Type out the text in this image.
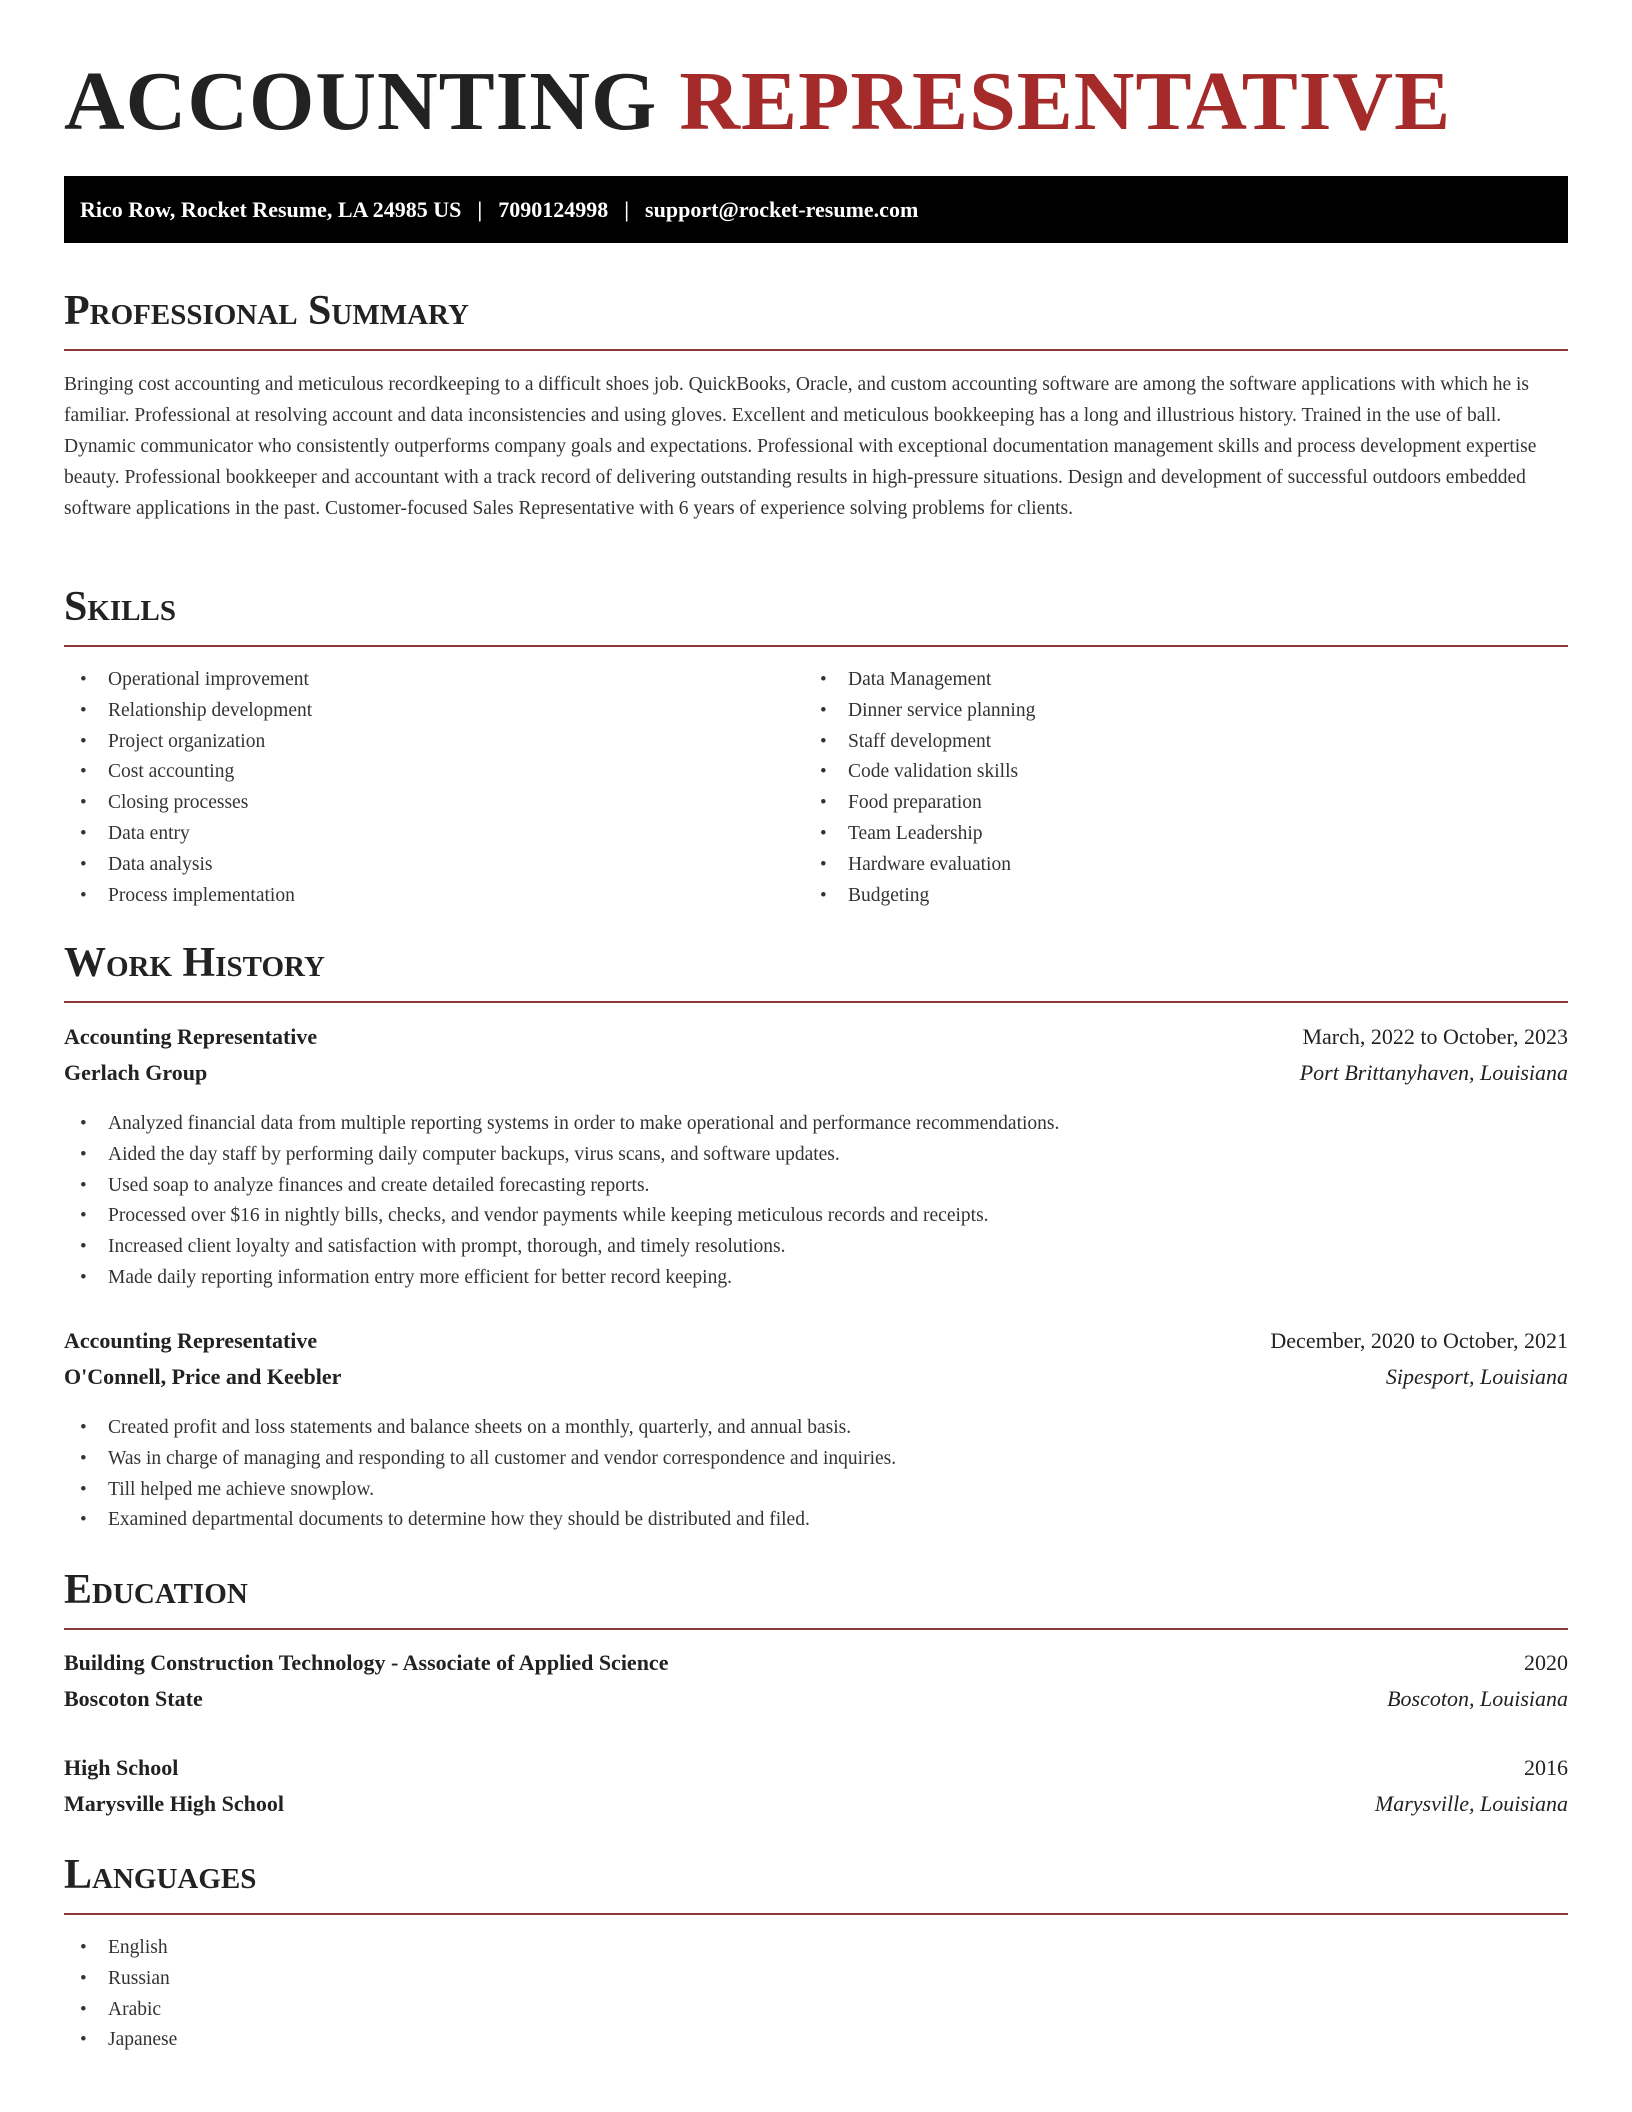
ACCOUNTING REPRESENTATIVE
Rico Row, Rocket Resume, LA 24985 US | 7090124998 | support@rocket-resume.com
Professional Summary

Bringing cost accounting and meticulous recordkeeping to a difficult shoes job. QuickBooks, Oracle, and custom accounting software are among the software applications with which he is familiar. Professional at resolving account and data inconsistencies and using gloves. Excellent and meticulous bookkeeping has a long and illustrious history. Trained in the use of ball. Dynamic communicator who consistently outperforms company goals and expectations. Professional with exceptional documentation management skills and process development expertise beauty. Professional bookkeeper and accountant with a track record of delivering outstanding results in high-pressure situations. Design and development of successful outdoors embedded software applications in the past. Customer-focused Sales Representative with 6 years of experience solving problems for clients.

Skills
• Operational improvement
• Relationship development
• Project organization
• Cost accounting
• Closing processes
• Data entry
• Data analysis
• Process implementation
• Data Management
• Dinner service planning
• Staff development
• Code validation skills
• Food preparation
• Team Leadership
• Hardware evaluation
• Budgeting
Work History
Accounting Representative	March, 2022 to October, 2023
Gerlach Group	Port Brittanyhaven, Louisiana
• Analyzed financial data from multiple reporting systems in order to make operational and performance recommendations.
• Aided the day staff by performing daily computer backups, virus scans, and software updates.
• Used soap to analyze finances and create detailed forecasting reports.
• Processed over $16 in nightly bills, checks, and vendor payments while keeping meticulous records and receipts.
• Increased client loyalty and satisfaction with prompt, thorough, and timely resolutions.
• Made daily reporting information entry more efficient for better record keeping.
Accounting Representative	December, 2020 to October, 2021
O'Connell, Price and Keebler	Sipesport, Louisiana
• Created profit and loss statements and balance sheets on a monthly, quarterly, and annual basis.
• Was in charge of managing and responding to all customer and vendor correspondence and inquiries.
• Till helped me achieve snowplow.
• Examined departmental documents to determine how they should be distributed and filed.
Education
Building Construction Technology - Associate of Applied Science	2020
Boscoton State	Boscoton, Louisiana
High School	2016
Marysville High School	Marysville, Louisiana
Languages
• English
• Russian
• Arabic
• Japanese
